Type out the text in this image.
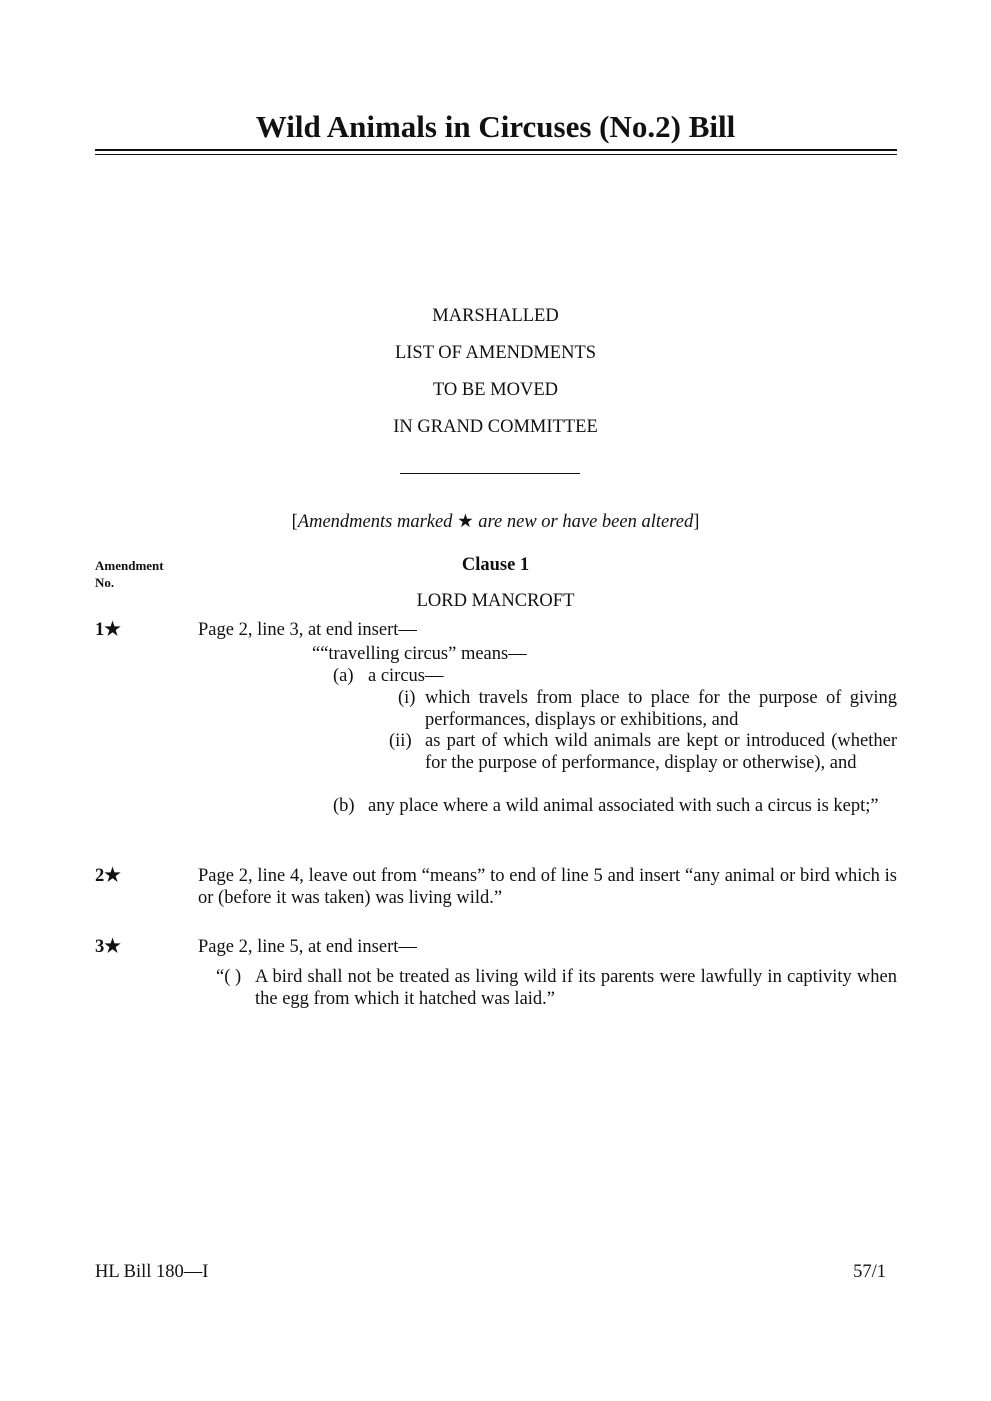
Wild Animals in Circuses (No.2) Bill
MARSHALLED
LIST OF AMENDMENTS
TO BE MOVED
IN GRAND COMMITTEE
[Amendments marked ★ are new or have been altered]
Amendment
No.
Clause 1
LORD MANCROFT
1★	Page 2, line 3, at end insert—
““travelling circus” means—
(a) a circus—
(i) which travels from place to place for the purpose of giving performances, displays or exhibitions, and
(ii) as part of which wild animals are kept or introduced (whether for the purpose of performance, display or otherwise), and
(b) any place where a wild animal associated with such a circus is kept;”
2★	Page 2, line 4, leave out from “means” to end of line 5 and insert “any animal or bird which is or (before it was taken) was living wild.”
3★	Page 2, line 5, at end insert—
“( ) A bird shall not be treated as living wild if its parents were lawfully in captivity when the egg from which it hatched was laid.”
HL Bill 180—I	57/1
